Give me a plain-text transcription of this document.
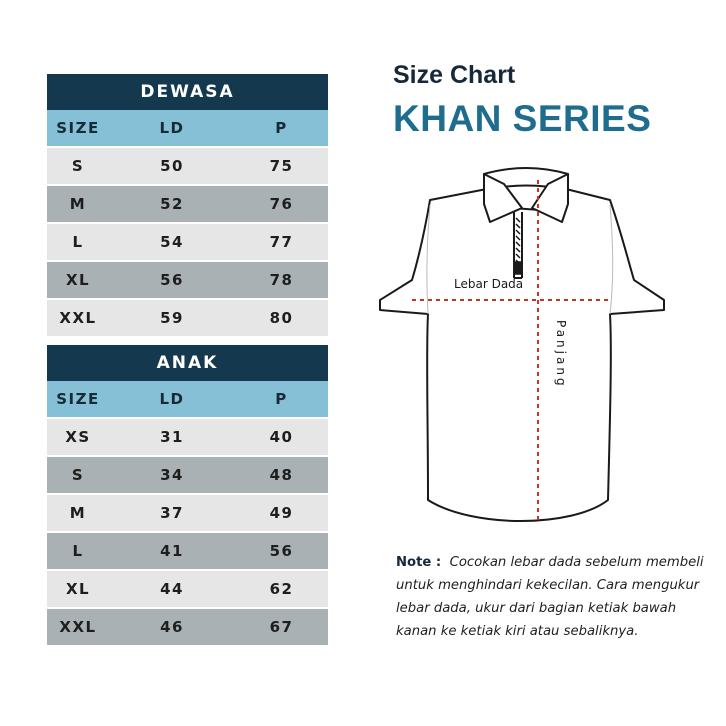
DEWASA
SIZE	LD	P
S	50	75
M	52	76
L	54	77
XL	56	78
XXL	59	80
ANAK
SIZE	LD	P
XS	31	40
S	34	48
M	37	49
L	41	56
XL	44	62
XXL	46	67
Size Chart
KHAN SERIES
Lebar Dada
Panjang
Note : Cocokan lebar dada sebelum membeli untuk menghindari kekecilan. Cara mengukur lebar dada, ukur dari bagian ketiak bawah kanan ke ketiak kiri atau sebaliknya.
